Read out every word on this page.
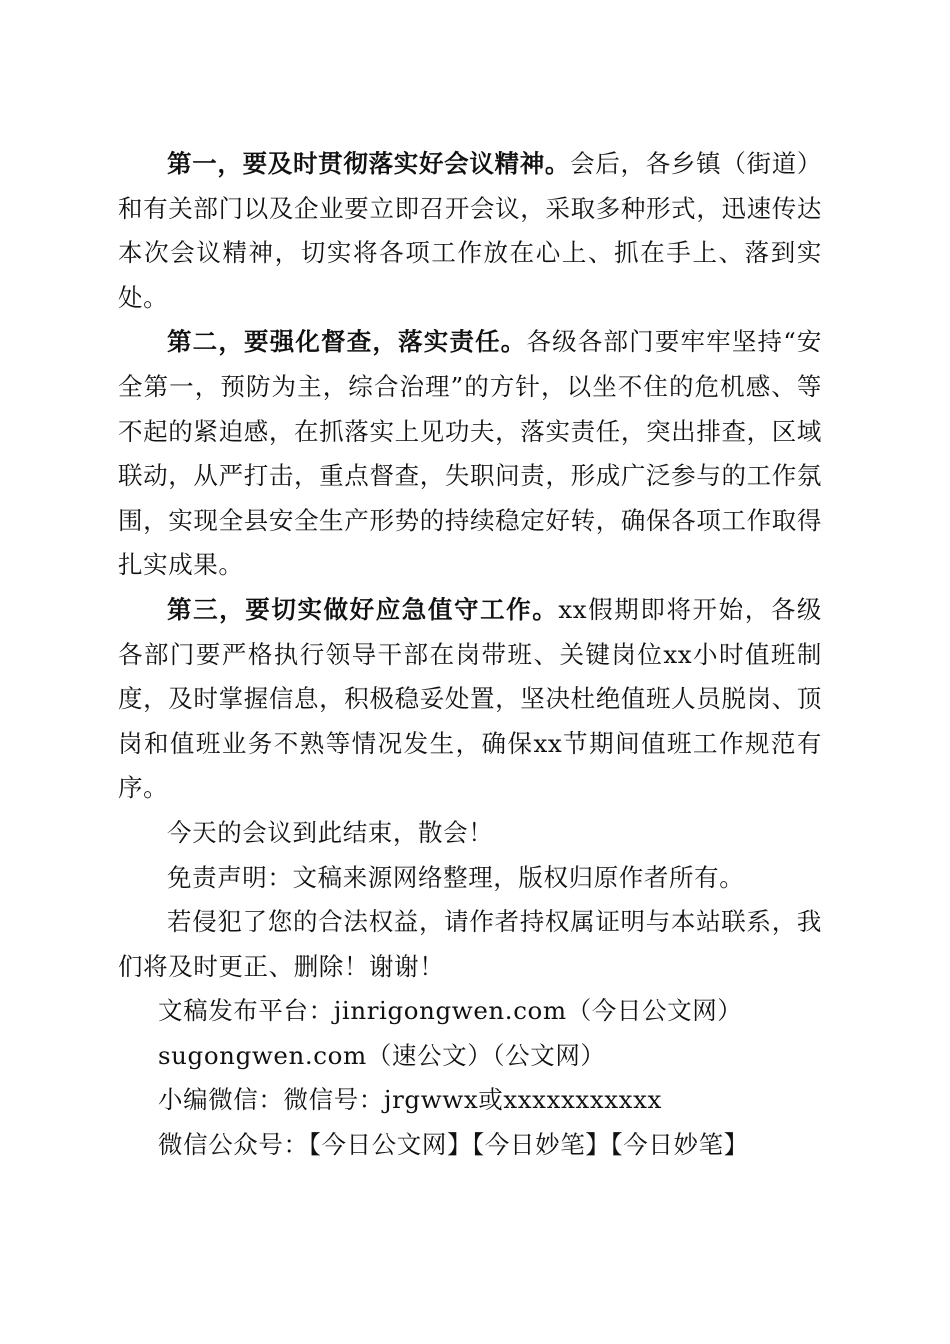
第一，要及时贯彻落实好会议精神。会后，各乡镇（街道）和有关部门以及企业要立即召开会议，采取多种形式，迅速传达本次会议精神，切实将各项工作放在心上、抓在手上、落到实处。

第二，要强化督查，落实责任。各级各部门要牢牢坚持“安全第一，预防为主，综合治理”的方针，以坐不住的危机感、等不起的紧迫感，在抓落实上见功夫，落实责任，突出排查，区域联动，从严打击，重点督查，失职问责，形成广泛参与的工作氛围，实现全县安全生产形势的持续稳定好转，确保各项工作取得扎实成果。

第三，要切实做好应急值守工作。xx假期即将开始，各级各部门要严格执行领导干部在岗带班、关键岗位xx小时值班制度，及时掌握信息，积极稳妥处置，坚决杜绝值班人员脱岗、顶岗和值班业务不熟等情况发生，确保xx节期间值班工作规范有序。

今天的会议到此结束，散会！

免责声明：文稿来源网络整理，版权归原作者所有。

若侵犯了您的合法权益，请作者持权属证明与本站联系，我们将及时更正、删除！谢谢！

文稿发布平台：jinrigongwen.com（今日公文网）

sugongwen.com（速公文）（公文网）

小编微信：微信号：jrgwwx或xxxxxxxxxxx

微信公众号：【今日公文网】【今日妙笔】【今日妙笔】
